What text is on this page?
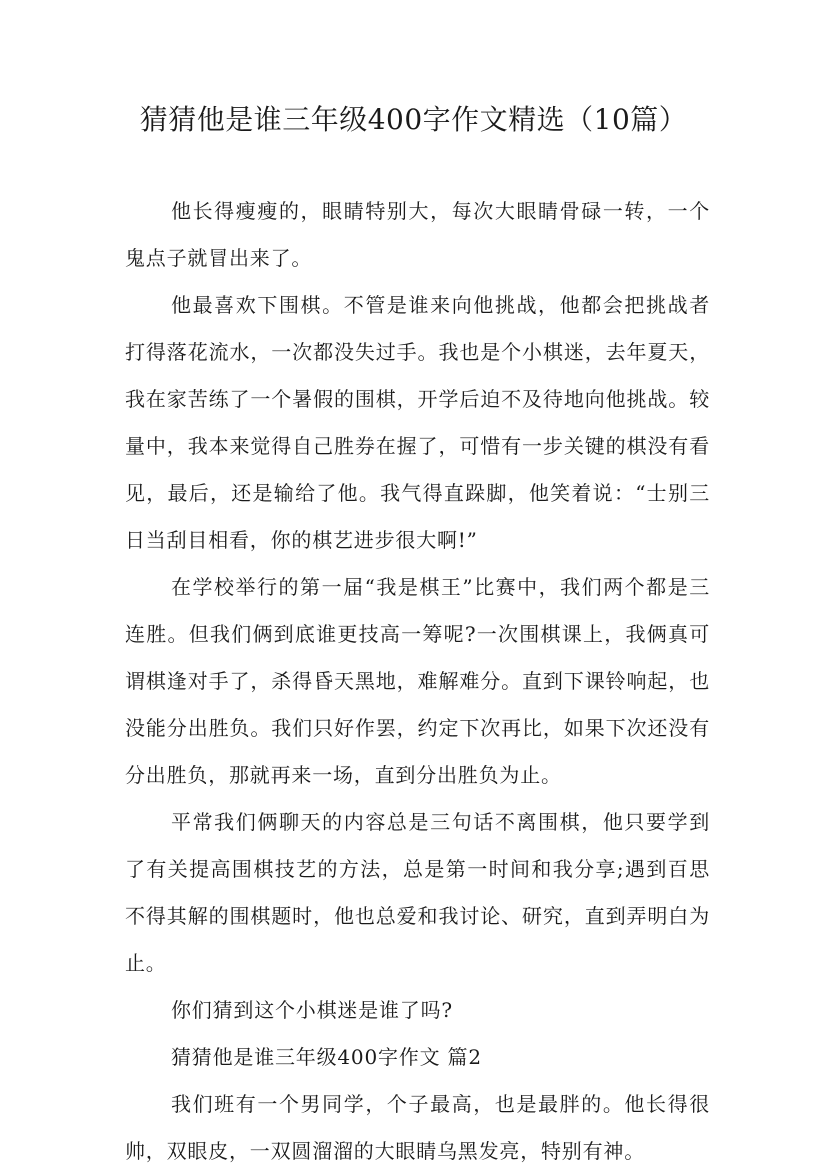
猜猜他是谁三年级400字作文精选（10篇）

他长得瘦瘦的，眼睛特别大，每次大眼睛骨碌一转，一个鬼点子就冒出来了。

他最喜欢下围棋。不管是谁来向他挑战，他都会把挑战者打得落花流水，一次都没失过手。我也是个小棋迷，去年夏天，我在家苦练了一个暑假的围棋，开学后迫不及待地向他挑战。较量中，我本来觉得自己胜券在握了，可惜有一步关键的棋没有看见，最后，还是输给了他。我气得直跺脚，他笑着说：“士别三日当刮目相看，你的棋艺进步很大啊!”

在学校举行的第一届“我是棋王”比赛中，我们两个都是三连胜。但我们俩到底谁更技高一筹呢?一次围棋课上，我俩真可谓棋逢对手了，杀得昏天黑地，难解难分。直到下课铃响起，也没能分出胜负。我们只好作罢，约定下次再比，如果下次还没有分出胜负，那就再来一场，直到分出胜负为止。

平常我们俩聊天的内容总是三句话不离围棋，他只要学到了有关提高围棋技艺的方法，总是第一时间和我分享;遇到百思不得其解的围棋题时，他也总爱和我讨论、研究，直到弄明白为止。

你们猜到这个小棋迷是谁了吗?

猜猜他是谁三年级400字作文 篇2

我们班有一个男同学，个子最高，也是最胖的。他长得很帅，双眼皮，一双圆溜溜的大眼睛乌黑发亮，特别有神。
